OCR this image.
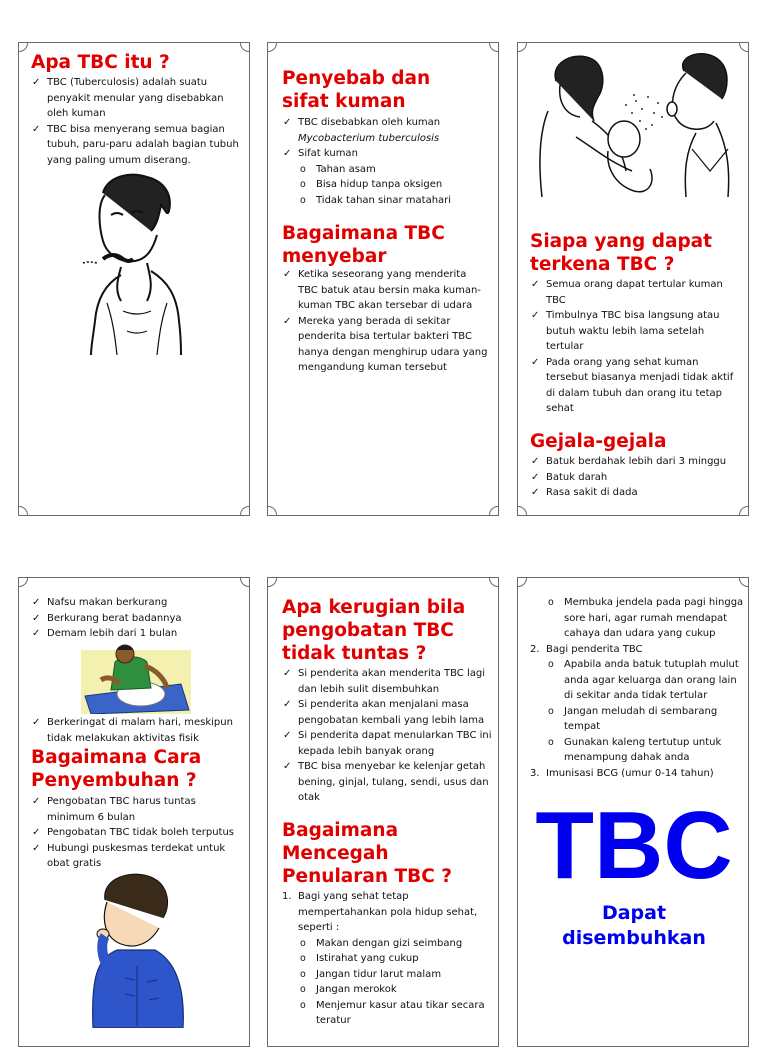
Apa TBC itu ?
✓ TBC (Tuberculosis) adalah suatu penyakit menular yang disebabkan oleh kuman
✓ TBC bisa menyerang semua bagian tubuh, paru-paru adalah bagian tubuh yang paling umum diserang.
Penyebab dan sifat kuman
✓ TBC disebabkan oleh kuman
Mycobacterium tuberculosis
✓ Sifat kuman
o Tahan asam
o Bisa hidup tanpa oksigen
o Tidak tahan sinar matahari
Bagaimana TBC menyebar
✓ Ketika seseorang yang menderita TBC batuk atau bersin maka kuman-kuman TBC akan tersebar di udara
✓ Mereka yang berada di sekitar penderita bisa tertular bakteri TBC hanya dengan menghirup udara yang mengandung kuman tersebut
Siapa yang dapat terkena TBC ?
✓ Semua orang dapat tertular kuman TBC
✓ Timbulnya TBC bisa langsung atau butuh waktu lebih lama setelah tertular
✓ Pada orang yang sehat kuman tersebut biasanya menjadi tidak aktif di dalam tubuh dan orang itu tetap sehat
Gejala-gejala
✓ Batuk berdahak lebih dari 3 minggu
✓ Batuk darah
✓ Rasa sakit di dada
✓ Nafsu makan berkurang
✓ Berkurang berat badannya
✓ Demam lebih dari 1 bulan
✓ Berkeringat di malam hari, meskipun tidak melakukan aktivitas fisik
Bagaimana Cara Penyembuhan ?
✓ Pengobatan TBC harus tuntas minimum 6 bulan
✓ Pengobatan TBC tidak boleh terputus
✓ Hubungi puskesmas terdekat untuk obat gratis
Apa kerugian bila pengobatan TBC tidak tuntas ?
✓ Si penderita akan menderita TBC lagi dan lebih sulit disembuhkan
✓ Si penderita akan menjalani masa pengobatan kembali yang lebih lama
✓ Si penderita dapat menularkan TBC ini kepada lebih banyak orang
✓ TBC bisa menyebar ke kelenjar getah bening, ginjal, tulang, sendi, usus dan otak
Bagaimana Mencegah Penularan TBC ?
1. Bagi yang sehat tetap mempertahankan pola hidup sehat, seperti :
o Makan dengan gizi seimbang
o Istirahat yang cukup
o Jangan tidur larut malam
o Jangan merokok
o Menjemur kasur atau tikar secara teratur
o Membuka jendela pada pagi hingga sore hari, agar rumah mendapat cahaya dan udara yang cukup
2. Bagi penderita TBC
o Apabila anda batuk tutuplah mulut anda agar keluarga dan orang lain di sekitar anda tidak tertular
o Jangan meludah di sembarang tempat
o Gunakan kaleng tertutup untuk menampung dahak anda
3. Imunisasi BCG (umur 0-14 tahun)
TBC
Dapat
disembuhkan
